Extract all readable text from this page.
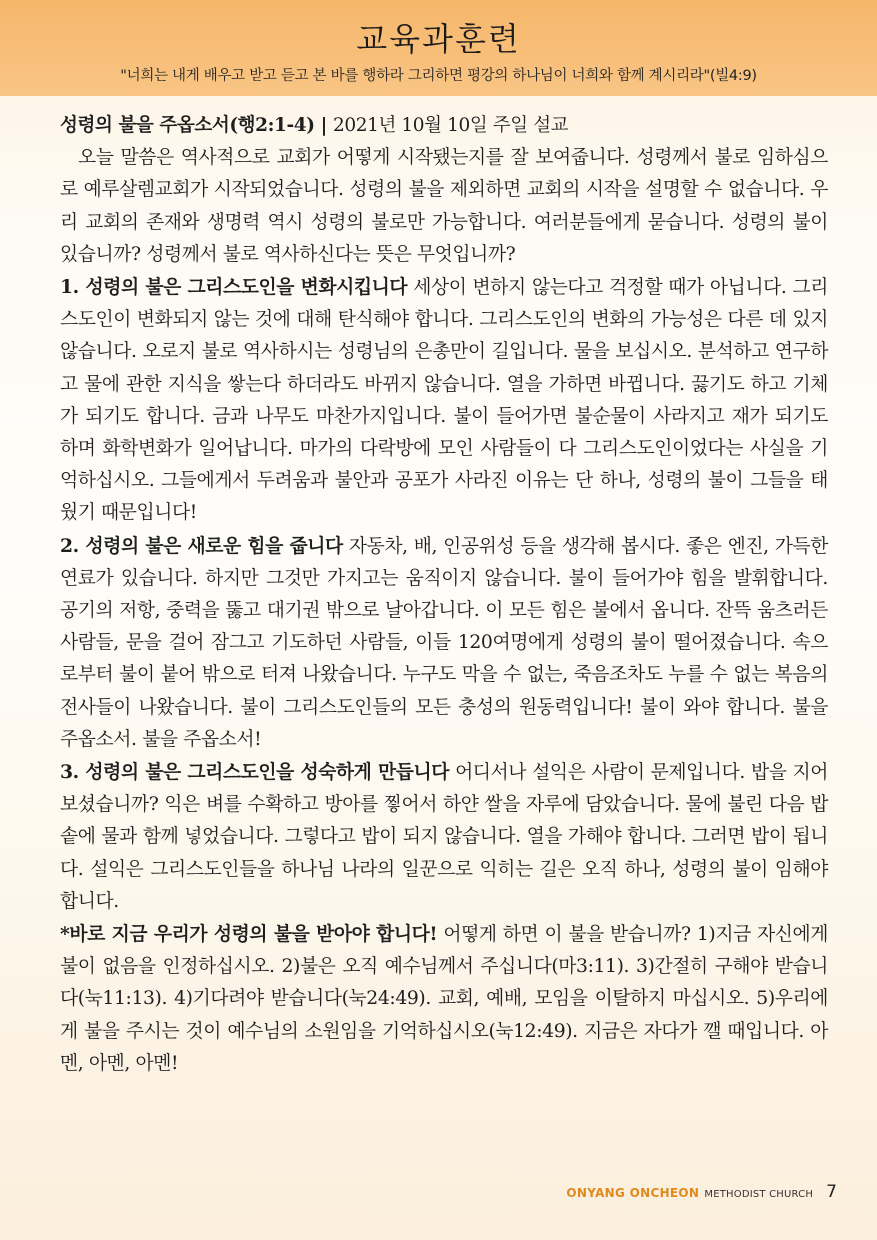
교육과훈련
"너희는 내게 배우고 받고 듣고 본 바를 행하라 그리하면 평강의 하나님이 너희와 함께 계시리라"(빌4:9)

성령의 불을 주옵소서(행2:1-4) | 2021년 10월 10일 주일 설교

오늘 말씀은 역사적으로 교회가 어떻게 시작됐는지를 잘 보여줍니다. 성령께서 불로 임하심으로 예루살렘교회가 시작되었습니다. 성령의 불을 제외하면 교회의 시작을 설명할 수 없습니다. 우리 교회의 존재와 생명력 역시 성령의 불로만 가능합니다. 여러분들에게 묻습니다. 성령의 불이 있습니까? 성령께서 불로 역사하신다는 뜻은 무엇입니까?

1. 성령의 불은 그리스도인을 변화시킵니다 세상이 변하지 않는다고 걱정할 때가 아닙니다. 그리스도인이 변화되지 않는 것에 대해 탄식해야 합니다. 그리스도인의 변화의 가능성은 다른 데 있지 않습니다. 오로지 불로 역사하시는 성령님의 은총만이 길입니다. 물을 보십시오. 분석하고 연구하고 물에 관한 지식을 쌓는다 하더라도 바뀌지 않습니다. 열을 가하면 바뀝니다. 끓기도 하고 기체가 되기도 합니다. 금과 나무도 마찬가지입니다. 불이 들어가면 불순물이 사라지고 재가 되기도 하며 화학변화가 일어납니다. 마가의 다락방에 모인 사람들이 다 그리스도인이었다는 사실을 기억하십시오. 그들에게서 두려움과 불안과 공포가 사라진 이유는 단 하나, 성령의 불이 그들을 태웠기 때문입니다!

2. 성령의 불은 새로운 힘을 줍니다 자동차, 배, 인공위성 등을 생각해 봅시다. 좋은 엔진, 가득한 연료가 있습니다. 하지만 그것만 가지고는 움직이지 않습니다. 불이 들어가야 힘을 발휘합니다. 공기의 저항, 중력을 뚫고 대기권 밖으로 날아갑니다. 이 모든 힘은 불에서 옵니다. 잔뜩 움츠러든 사람들, 문을 걸어 잠그고 기도하던 사람들, 이들 120여명에게 성령의 불이 떨어졌습니다. 속으로부터 불이 붙어 밖으로 터져 나왔습니다. 누구도 막을 수 없는, 죽음조차도 누를 수 없는 복음의 전사들이 나왔습니다. 불이 그리스도인들의 모든 충성의 원동력입니다! 불이 와야 합니다. 불을 주옵소서. 불을 주옵소서!

3. 성령의 불은 그리스도인을 성숙하게 만듭니다 어디서나 설익은 사람이 문제입니다. 밥을 지어보셨습니까? 익은 벼를 수확하고 방아를 찧어서 하얀 쌀을 자루에 담았습니다. 물에 불린 다음 밥솥에 물과 함께 넣었습니다. 그렇다고 밥이 되지 않습니다. 열을 가해야 합니다. 그러면 밥이 됩니다. 설익은 그리스도인들을 하나님 나라의 일꾼으로 익히는 길은 오직 하나, 성령의 불이 임해야 합니다.

*바로 지금 우리가 성령의 불을 받아야 합니다! 어떻게 하면 이 불을 받습니까? 1)지금 자신에게 불이 없음을 인정하십시오. 2)불은 오직 예수님께서 주십니다(마3:11). 3)간절히 구해야 받습니다(눅11:13). 4)기다려야 받습니다(눅24:49). 교회, 예배, 모임을 이탈하지 마십시오. 5)우리에게 불을 주시는 것이 예수님의 소원임을 기억하십시오(눅12:49). 지금은 자다가 깰 때입니다. 아멘, 아멘, 아멘!

ONYANG ONCHEON METHODIST CHURCH 7
